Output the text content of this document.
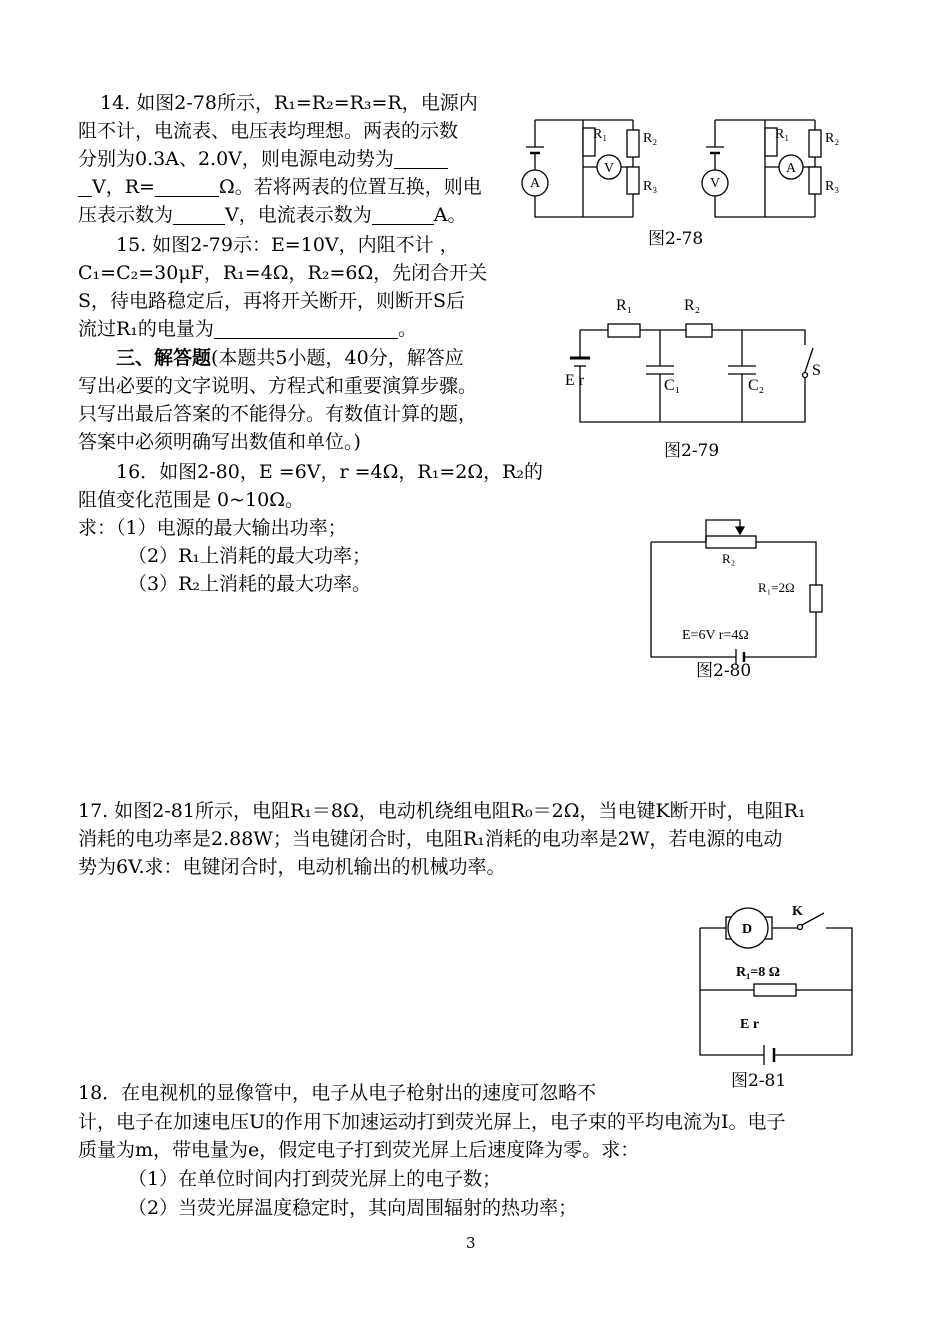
14. 如图2-78所示，R₁=R₂=R₃=R，电源内

阻不计，电流表、电压表均理想。两表的示数

分别为0.3A、2.0V，则电源电动势为

V，R=	Ω。若将两表的位置互换，则电

压表示数为	V，电流表示数为	A。

15. 如图2-79示：E=10V，内阻不计 ，

C₁=C₂=30μF，R₁=4Ω，R₂=6Ω，先闭合开关

S，待电路稳定后，再将开关断开，则断开S后

流过R₁的电量为	。

三、解答题(本题共5小题，40分，解答应

写出必要的文字说明、方程式和重要演算步骤。

只写出最后答案的不能得分。有数值计算的题，

答案中必须明确写出数值和单位。)

16．如图2-80，E =6V，r =4Ω，R₁=2Ω，R₂的

阻值变化范围是 0~10Ω。

求：（1）电源的最大输出功率；

（2）R₁上消耗的最大功率；

（3）R₂上消耗的最大功率。

17. 如图2-81所示，电阻R₁＝8Ω，电动机绕组电阻R₀＝2Ω，当电键K断开时，电阻R₁

消耗的电功率是2.88W；当电键闭合时，电阻R₁消耗的电功率是2W，若电源的电动

势为6V.求：电键闭合时，电动机输出的机械功率。

18．在电视机的显像管中，电子从电子枪射出的速度可忽略不

计，电子在加速电压U的作用下加速运动打到荧光屏上，电子束的平均电流为I。电子

质量为m，带电量为e，假定电子打到荧光屏上后速度降为零。求：

（1）在单位时间内打到荧光屏上的电子数；

（2）当荧光屏温度稳定时，其向周围辐射的热功率；

A
V
R₁	R₂
R₃	V
A
R₁	R₂
R₃
图2-78
R₁	R₂
E r	C₁	C₂
S
图2-79
R₂
R₁=2Ω
E=6V r=4Ω
图2-80
D
K
R₁=8 Ω
E r
图2-81
3
